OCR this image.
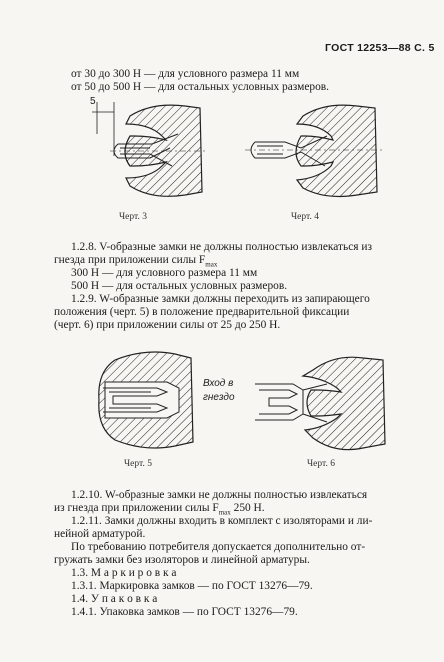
ГОСТ 12253—88 С. 5

от 30 до 300 Н — для условного размера 11 мм

от 50 до 500 Н — для остальных условных размеров.

5

Черт. 3	Черт. 4

1.2.8. V-образные замки не должны полностью извлекаться из

гнезда при приложении силы $F_{max}$

300 Н — для условного размера 11 мм

500 Н — для остальных условных размеров.

1.2.9. W-образные замки должны переходить из запирающего

положения (черт. 5) в положение предварительной фиксации

(черт. 6) при приложении силы от 25 до 250 Н.

Черт. 5

Вход в

гнездо

Черт. 6

1.2.10. W-образные замки не должны полностью извлекаться

из гнезда при приложении силы $F_{max}$ 250 Н.

1.2.11. Замки должны входить в комплект с изоляторами и ли-

нейной арматурой.

По требованию потребителя допускается дополнительно от-

гружать замки без изоляторов и линейной арматуры.

1.3. М а р к и р о в к а

1.3.1. Маркировка замков — по ГОСТ 13276—79.

1.4. У п а к о в к а

1.4.1. Упаковка замков — по ГОСТ 13276—79.
